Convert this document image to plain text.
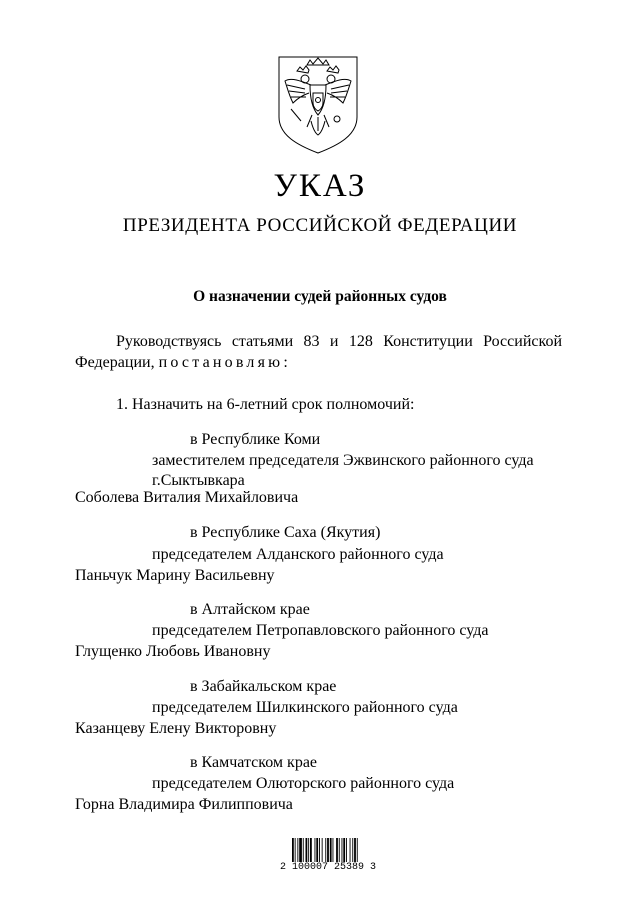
УКАЗ
ПРЕЗИДЕНТА РОССИЙСКОЙ ФЕДЕРАЦИИ
О назначении судей районных судов
Руководствуясь статьями 83 и 128 Конституции Российской Федерации, постановляю:
1. Назначить на 6-летний срок полномочий:
в Республике Коми
заместителем председателя Эжвинского районного суда
г.Сыктывкара
Соболева Виталия Михайловича
в Республике Саха (Якутия)
председателем Алданского районного суда
Паньчук Марину Васильевну
в Алтайском крае
председателем Петропавловского районного суда
Глущенко Любовь Ивановну
в Забайкальском крае
председателем Шилкинского районного суда
Казанцеву Елену Викторовну
в Камчатском крае
председателем Олюторского районного суда
Горна Владимира Филипповича
2 100007 25389 3
